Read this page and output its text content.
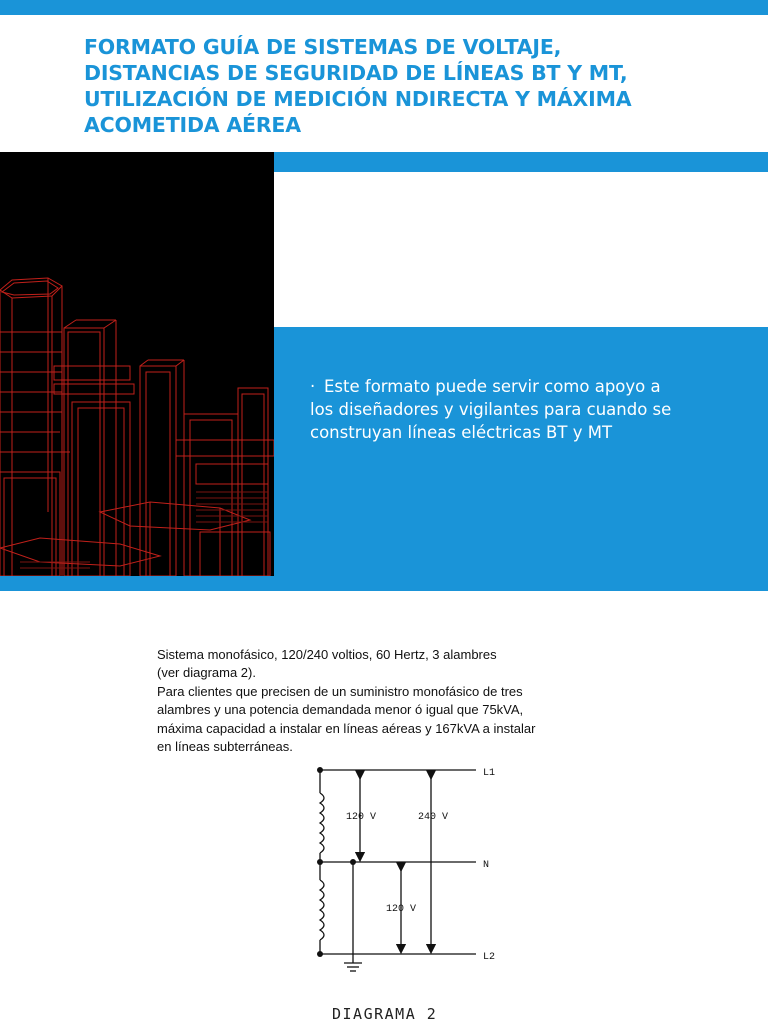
FORMATO GUÍA DE SISTEMAS DE VOLTAJE,
DISTANCIAS DE SEGURIDAD DE LÍNEAS BT Y MT,
UTILIZACIÓN DE MEDICIÓN NDIRECTA Y MÁXIMA
ACOMETIDA AÉREA
· Este formato puede servir como apoyo a
los diseñadores y vigilantes para cuando se
construyan líneas eléctricas BT y MT
Sistema monofásico, 120/240 voltios, 60 Hertz, 3 alambres
(ver diagrama 2).
Para clientes que precisen de un suministro monofásico de tres
alambres y una potencia demandada menor ó igual que 75kVA,
máxima capacidad a instalar en líneas aéreas y 167kVA a instalar
en líneas subterráneas.
L1
N
L2
120 V	240 V
120 V
DIAGRAMA 2
